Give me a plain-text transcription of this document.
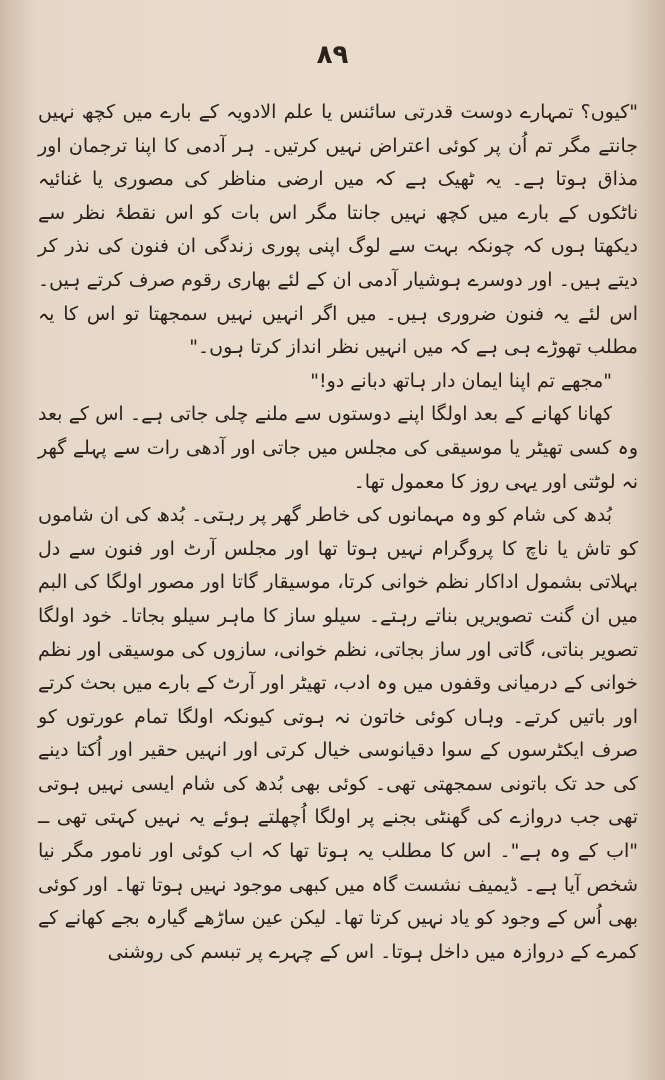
۸۹

"کیوں؟ تمہارے دوست قدرتی سائنس یا علم الادویہ کے بارے میں کچھ نہیں جانتے مگر تم اُن پر کوئی اعتراض نہیں کرتیں۔ ہر آدمی کا اپنا ترجمان اور مذاق ہوتا ہے۔ یہ ٹھیک ہے کہ میں ارضی مناظر کی مصوری یا غنائیہ ناٹکوں کے بارے میں کچھ نہیں جانتا مگر اس بات کو اس نقطۂ نظر سے دیکھتا ہوں کہ چونکہ بہت سے لوگ اپنی پوری زندگی ان فنون کی نذر کر دیتے ہیں۔ اور دوسرے ہوشیار آدمی ان کے لئے بھاری رقوم صرف کرتے ہیں۔ اس لئے یہ فنون ضروری ہیں۔ میں اگر انہیں نہیں سمجھتا تو اس کا یہ مطلب تھوڑے ہی ہے کہ میں انہیں نظر انداز کرتا ہوں۔"

"مجھے تم اپنا ایمان دار ہاتھ دبانے دو!"

کھانا کھانے کے بعد اولگا اپنے دوستوں سے ملنے چلی جاتی ہے۔ اس کے بعد وہ کسی تھیٹر یا موسیقی کی مجلس میں جاتی اور آدھی رات سے پہلے گھر نہ لوٹتی اور یہی روز کا معمول تھا۔

بُدھ کی شام کو وہ مہمانوں کی خاطر گھر پر رہتی۔ بُدھ کی ان شاموں کو تاش یا ناچ کا پروگرام نہیں ہوتا تھا اور مجلس آرٹ اور فنون سے دل بہلاتی بشمول اداکار نظم خوانی کرتا، موسیقار گاتا اور مصور اولگا کی البم میں ان گنت تصویریں بناتے رہتے۔ سیلو ساز کا ماہر سیلو بجاتا۔ خود اولگا تصویر بناتی، گاتی اور ساز بجاتی، نظم خوانی، سازوں کی موسیقی اور نظم خوانی کے درمیانی وقفوں میں وہ ادب، تھیٹر اور آرٹ کے بارے میں بحث کرتے اور باتیں کرتے۔ وہاں کوئی خاتون نہ ہوتی کیونکہ اولگا تمام عورتوں کو صرف ایکٹرسوں کے سوا دقیانوسی خیال کرتی اور انہیں حقیر اور اُکتا دینے کی حد تک باتونی سمجھتی تھی۔ کوئی بھی بُدھ کی شام ایسی نہیں ہوتی تھی جب دروازے کی گھنٹی بجنے پر اولگا اُچھلتے ہوئے یہ نہیں کہتی تھی ــ "اب کے وہ ہے"۔ اس کا مطلب یہ ہوتا تھا کہ اب کوئی اور نامور مگر نیا شخص آیا ہے۔ ڈیمیف نشست گاہ میں کبھی موجود نہیں ہوتا تھا۔ اور کوئی بھی اُس کے وجود کو یاد نہیں کرتا تھا۔ لیکن عین ساڑھے گیارہ بجے کھانے کے کمرے کے دروازہ میں داخل ہوتا۔ اس کے چہرے پر تبسم کی روشنی
